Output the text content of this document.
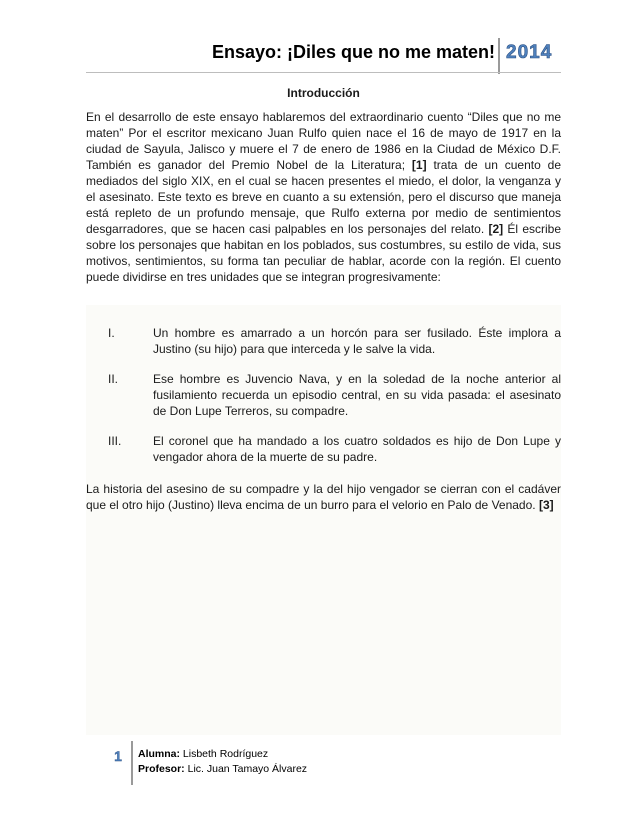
Ensayo: ¡Diles que no me maten! 2014
Introducción

En el desarrollo de este ensayo hablaremos del extraordinario cuento “Diles que no me maten” Por el escritor mexicano Juan Rulfo quien nace el 16 de mayo de 1917 en la ciudad de Sayula, Jalisco y muere el 7 de enero de 1986 en la Ciudad de México D.F. También es ganador del Premio Nobel de la Literatura; [1] trata de un cuento de mediados del siglo XIX, en el cual se hacen presentes el miedo, el dolor, la venganza y el asesinato. Este texto es breve en cuanto a su extensión, pero el discurso que maneja está repleto de un profundo mensaje, que Rulfo externa por medio de sentimientos desgarradores, que se hacen casi palpables en los personajes del relato. [2] Él escribe sobre los personajes que habitan en los poblados, sus costumbres, su estilo de vida, sus motivos, sentimientos, su forma tan peculiar de hablar, acorde con la región. El cuento puede dividirse en tres unidades que se integran progresivamente:

I.	Un hombre es amarrado a un horcón para ser fusilado. Éste implora a Justino (su hijo) para que interceda y le salve la vida.
II.	Ese hombre es Juvencio Nava, y en la soledad de la noche anterior al fusilamiento recuerda un episodio central, en su vida pasada: el asesinato de Don Lupe Terreros, su compadre.
III.	El coronel que ha mandado a los cuatro soldados es hijo de Don Lupe y vengador ahora de la muerte de su padre.

La historia del asesino de su compadre y la del hijo vengador se cierran con el cadáver que el otro hijo (Justino) lleva encima de un burro para el velorio en Palo de Venado. [3]

1	Alumna: Lisbeth Rodríguez
Profesor: Lic. Juan Tamayo Álvarez
